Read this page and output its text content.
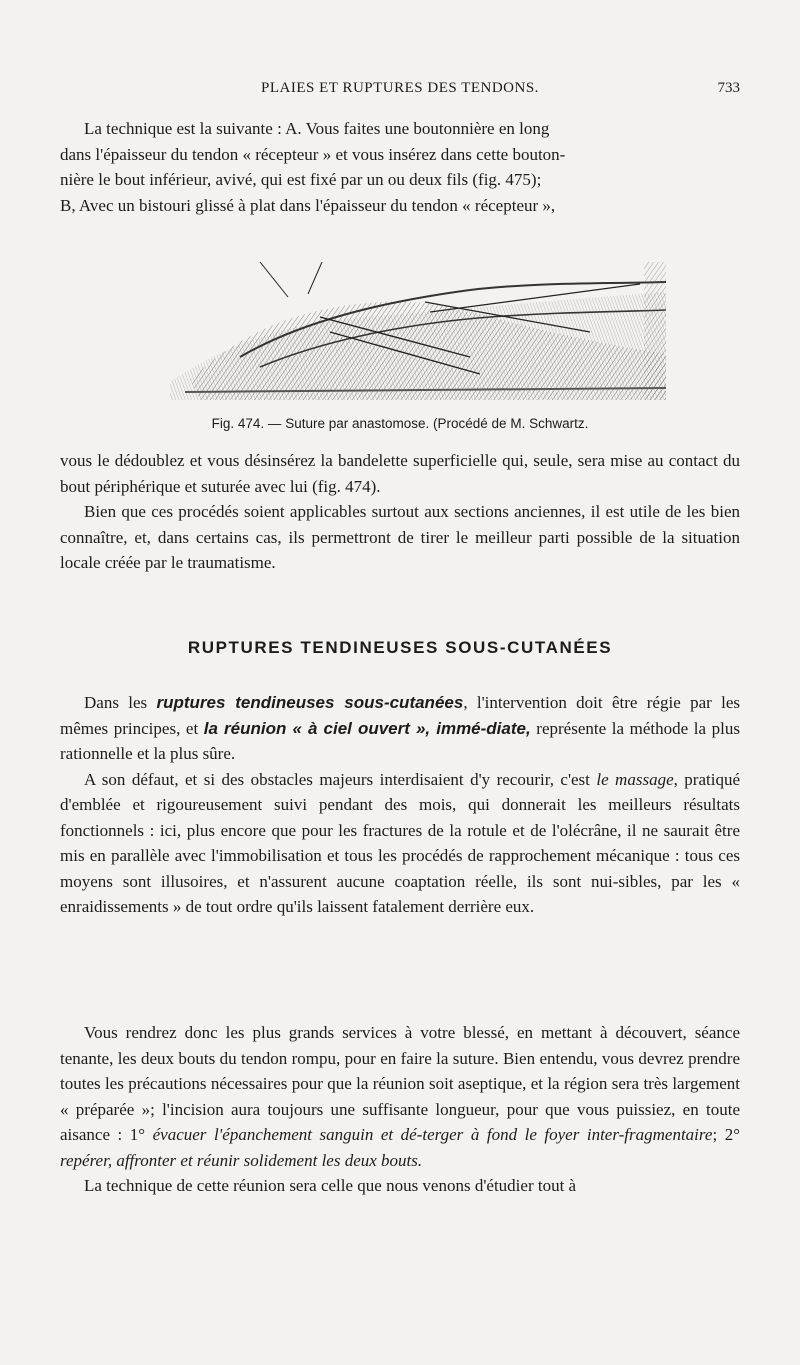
PLAIES ET RUPTURES DES TENDONS.	733

La technique est la suivante : A. Vous faites une boutonnière en long

dans l'épaisseur du tendon « récepteur » et vous insérez dans cette bouton-

nière le bout inférieur, avivé, qui est fixé par un ou deux fils (fig. 475);

B, Avec un bistouri glissé à plat dans l'épaisseur du tendon « récepteur »,

Fig. 474. — Suture par anastomose. (Procédé de M. Schwartz.

vous le dédoublez et vous désinsérez la bandelette superficielle qui, seule, sera mise au contact du bout périphérique et suturée avec lui (fig. 474).

Bien que ces procédés soient applicables surtout aux sections anciennes, il est utile de les bien connaître, et, dans certains cas, ils permettront de tirer le meilleur parti possible de la situation locale créée par le traumatisme.

RUPTURES TENDINEUSES SOUS-CUTANÉES

Dans les ruptures tendineuses sous-cutanées, l'intervention doit être régie par les mêmes principes, et la réunion « à ciel ouvert », immé-diate, représente la méthode la plus rationnelle et la plus sûre.

A son défaut, et si des obstacles majeurs interdisaient d'y recourir, c'est le massage, pratiqué d'emblée et rigoureusement suivi pendant des mois, qui donnerait les meilleurs résultats fonctionnels : ici, plus encore que pour les fractures de la rotule et de l'olécrâne, il ne saurait être mis en parallèle avec l'immobilisation et tous les procédés de rapprochement mécanique : tous ces moyens sont illusoires, et n'assurent aucune coaptation réelle, ils sont nui-sibles, par les « enraidissements » de tout ordre qu'ils laissent fatalement derrière eux.

Vous rendrez donc les plus grands services à votre blessé, en mettant à découvert, séance tenante, les deux bouts du tendon rompu, pour en faire la suture. Bien entendu, vous devrez prendre toutes les précautions nécessaires pour que la réunion soit aseptique, et la région sera très largement « préparée »; l'incision aura toujours une suffisante longueur, pour que vous puissiez, en toute aisance : 1° évacuer l'épanchement sanguin et dé-terger à fond le foyer inter-fragmentaire; 2° repérer, affronter et réunir solidement les deux bouts.

La technique de cette réunion sera celle que nous venons d'étudier tout à
